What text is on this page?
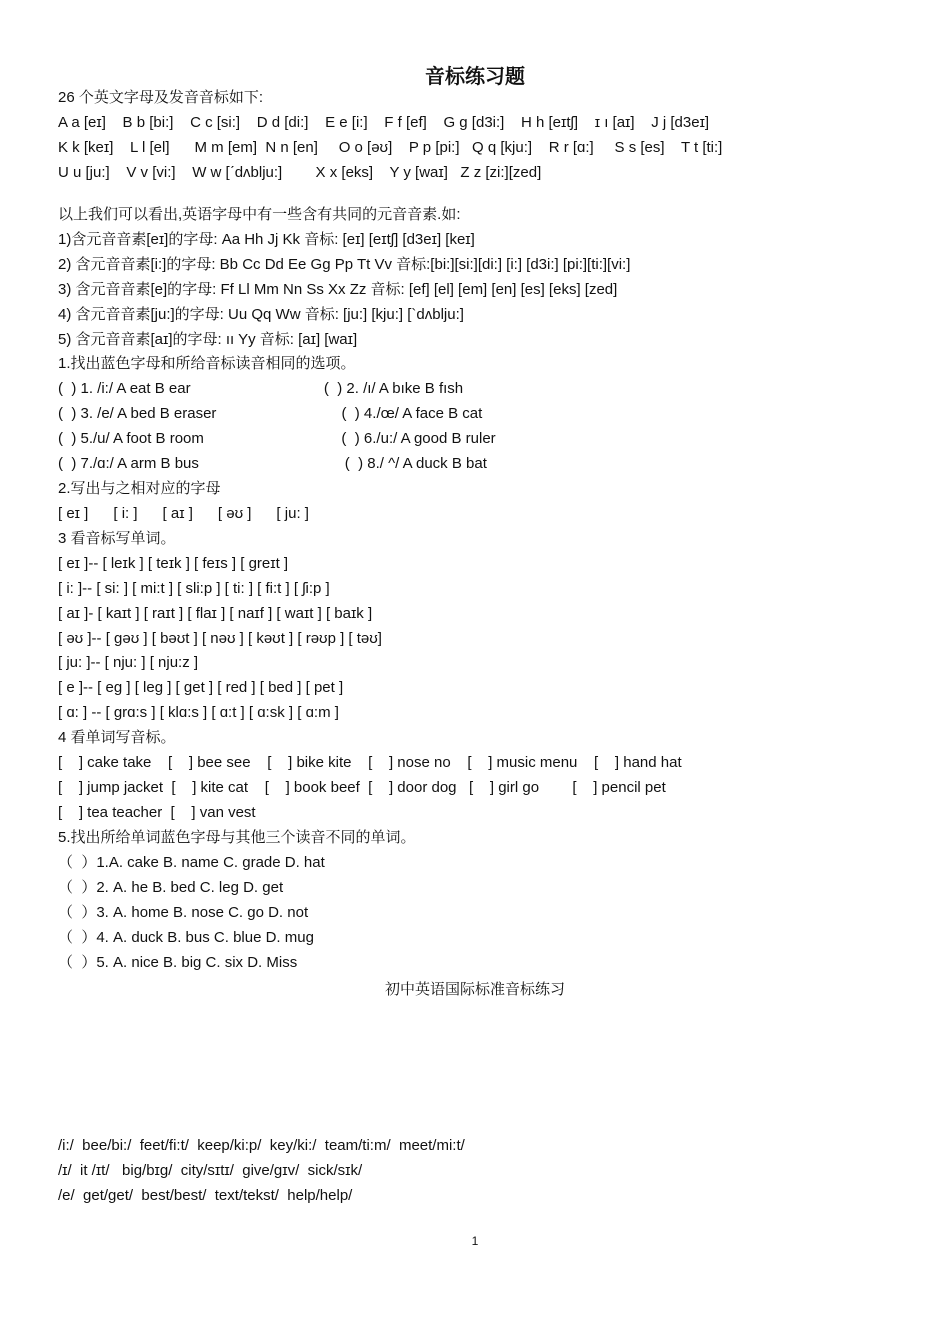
音标练习题
26 个英文字母及发音音标如下:
A a [eɪ]    B b [bi:]    C c [si:]    D d [di:]    E e [i:]    F f [ef]    G g [d3i:]    H h [eɪtʃ]    ɪ ı [aɪ]    J j [d3eɪ]
K k [keɪ]    L l [el]      M m [em]  N n [en]     O o [əʊ]    P p [pi:]   Q q [kju:]    R r [ɑ:]     S s [es]    T t [ti:]
U u [ju:]    V v [vi:]    W w [ˊdʌblju:]        X x [eks]    Y y [waɪ]   Z z [zi:][zed]
以上我们可以看出,英语字母中有一些含有共同的元音音素.如:
1)含元音音素[eɪ]的字母: Aa Hh Jj Kk 音标: [eɪ] [eɪtʃ] [d3eɪ] [keɪ]
2) 含元音音素[i:]的字母: Bb Cc Dd Ee Gg Pp Tt Vv 音标:[bi:][si:][di:] [i:] [d3i:] [pi:][ti:][vi:]
3) 含元音音素[e]的字母: Ff Ll Mm Nn Ss Xx Zz 音标: [ef] [el] [em] [en] [es] [eks] [zed]
4) 含元音音素[ju:]的字母: Uu Qq Ww 音标: [ju:] [kju:] [`dʌblju:]
5) 含元音音素[aɪ]的字母: ıı Yy 音标: [aɪ] [waɪ]
1.找出蓝色字母和所给音标读音相同的选项。
(  ) 1. /i:/ A eat B ear                                (  ) 2. /ı/ A bıke B fısh
(  ) 3. /e/ A bed B eraser                              (  ) 4./œ/ A face B cat
(  ) 5./u/ A foot B room                                 (  ) 6./u:/ A good B ruler
(  ) 7./ɑ:/ A arm B bus                                   (  ) 8./ ^/ A duck B bat
2.写出与之相对应的字母
[ eɪ ]      [ i: ]      [ aɪ ]      [ əʊ ]      [ ju: ]
3 看音标写单词。
[ eɪ ]-- [ leɪk ] [ teɪk ] [ feɪs ] [ greɪt ]
[ i: ]-- [ si: ] [ mi:t ] [ sli:p ] [ ti: ] [ fi:t ] [ ʃi:p ]
[ aɪ ]- [ kaɪt ] [ raɪt ] [ flaɪ ] [ naɪf ] [ waɪt ] [ baɪk ]
[ əʊ ]-- [ gəʊ ] [ bəʊt ] [ nəʊ ] [ kəʊt ] [ rəʊp ] [ təʊ]
[ ju: ]-- [ nju: ] [ nju:z ]
[ e ]-- [ eg ] [ leg ] [ get ] [ red ] [ bed ] [ pet ]
[ ɑ: ] -- [ grɑ:s ] [ klɑ:s ] [ ɑ:t ] [ ɑ:sk ] [ ɑ:m ]
4 看单词写音标。
[    ] cake take    [    ] bee see    [    ] bike kite    [    ] nose no    [    ] music menu    [    ] hand hat
[    ] jump jacket  [    ] kite cat    [    ] book beef  [    ] door dog   [    ] girl go        [    ] pencil pet
[    ] tea teacher  [    ] van vest
5.找出所给单词蓝色字母与其他三个读音不同的单词。
（  ）1.A. cake B. name C. grade D. hat
（  ）2. A. he B. bed C. leg D. get
（  ）3. A. home B. nose C. go D. not
（  ）4. A. duck B. bus C. blue D. mug
（  ）5. A. nice B. big C. six D. Miss
初中英语国际标准音标练习
/i:/  bee/bi:/  feet/fi:t/  keep/ki:p/  key/ki:/  team/ti:m/  meet/mi:t/
/ɪ/  it /ɪt/   big/bɪg/  city/sɪtɪ/  give/gɪv/  sick/sɪk/
/e/  get/get/  best/best/  text/tekst/  help/help/
1
